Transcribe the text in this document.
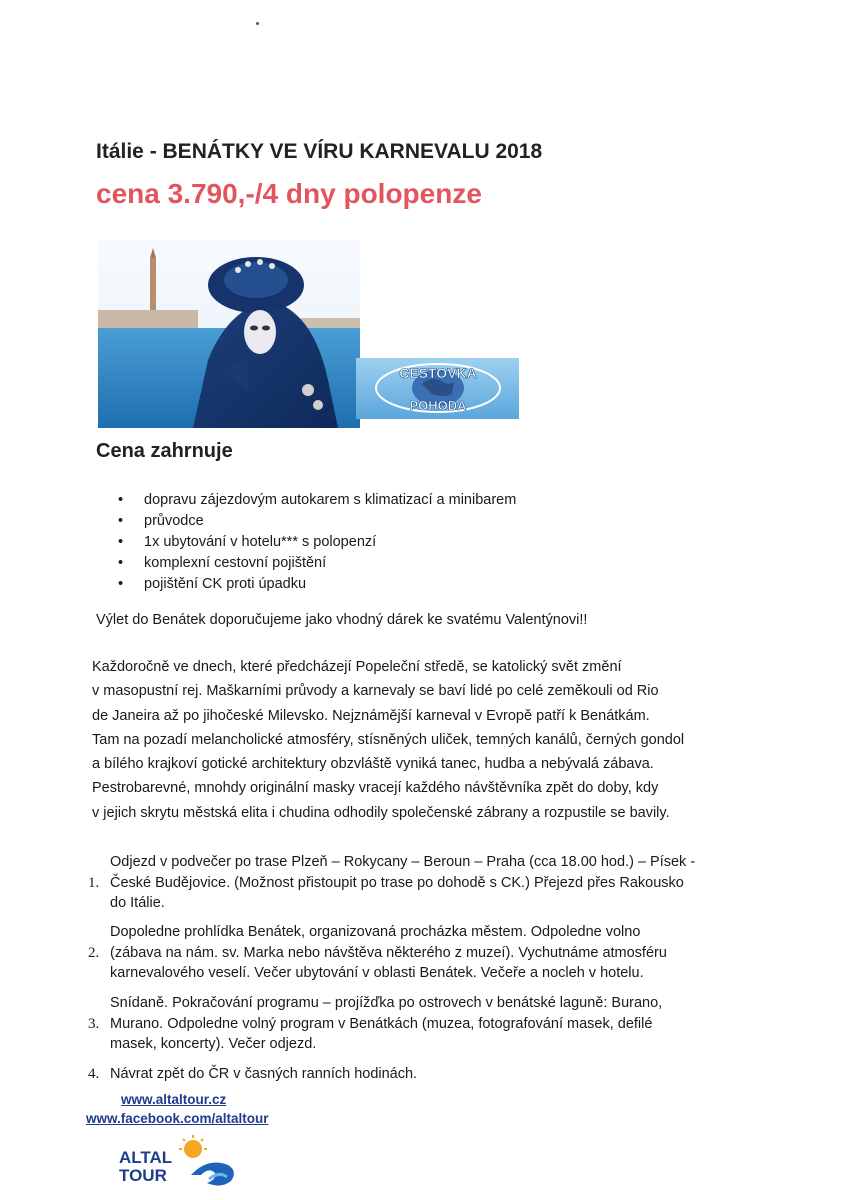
Itálie - BENÁTKY VE VÍRU KARNEVALU 2018
cena 3.790,-/4 dny polopenze
CESTOVKA
POHODA
Cena zahrnuje
• dopravu zájezdovým autokarem s klimatizací a minibarem
• průvodce
• 1x ubytování v hotelu*** s polopenzí
• komplexní cestovní pojištění
• pojištění CK proti úpadku
Výlet do Benátek doporučujeme jako vhodný dárek ke svatému Valentýnovi!!
Každoročně ve dnech, které předcházejí Popeleční středě, se katolický svět změní
v masopustní rej. Maškarními průvody a karnevaly se baví lidé po celé zeměkouli od Rio
de Janeira až po jihočeské Milevsko. Nejznámější karneval v Evropě patří k Benátkám.
Tam na pozadí melancholické atmosféry, stísněných uliček, temných kanálů, černých gondol
a bílého krajkoví gotické architektury obzvláště vyniká tanec, hudba a nebývalá zábava.
Pestrobarevné, mnohdy originální masky vracejí každého návštěvníka zpět do doby, kdy
v jejich skrytu městská elita i chudina odhodily společenské zábrany a rozpustile se bavily.
1.
Odjezd v podvečer po trase Plzeň – Rokycany – Beroun – Praha (cca 18.00 hod.) – Písek -
České Budějovice. (Možnost přistoupit po trase po dohodě s CK.) Přejezd přes Rakousko
do Itálie.
2.
Dopoledne prohlídka Benátek, organizovaná procházka městem. Odpoledne volno
(zábava na nám. sv. Marka nebo návštěva některého z muzeí). Vychutnáme atmosféru
karnevalového veselí. Večer ubytování v oblasti Benátek. Večeře a nocleh v hotelu.
3.
Snídaně. Pokračování programu – projížďka po ostrovech v benátské laguně: Burano,
Murano. Odpoledne volný program v Benátkách (muzea, fotografování masek, defilé
masek, koncerty). Večer odjezd.
4. Návrat zpět do ČR v časných ranních hodinách.
www.altaltour.cz
www.facebook.com/altaltour
ALTAL
TOUR
